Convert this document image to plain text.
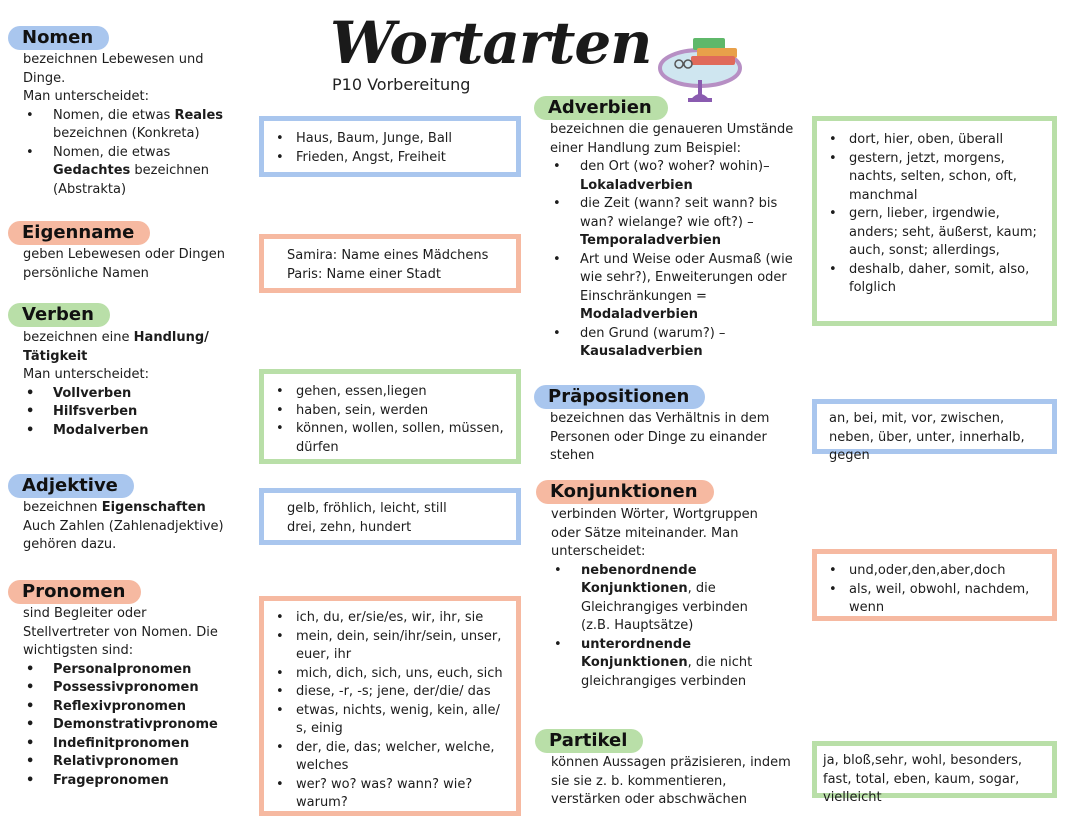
Wortarten
P10 Vorbereitung
Nomen

bezeichnen Lebewesen und Dinge.

Man unterscheidet:

• Nomen, die etwas Reales bezeichnen (Konkreta)
• Nomen, die etwas Gedachtes bezeichnen (Abstrakta)
• Haus, Baum, Junge, Ball
• Frieden, Angst, Freiheit
Eigenname
geben Lebewesen oder Dingen persönliche Namen

Samira: Name eines Mädchens

Paris: Name einer Stadt

Verben

bezeichnen eine Handlung/ Tätigkeit

Man unterscheidet:

• Vollverben
• Hilfsverben
• Modalverben
• gehen, essen,liegen
• haben, sein, werden
• können, wollen, sollen, müssen, dürfen
Adjektive

bezeichnen Eigenschaften

Auch Zahlen (Zahlenadjektive) gehören dazu.

gelb, fröhlich, leicht, still

drei, zehn, hundert

Pronomen

sind Begleiter oder Stellvertreter von Nomen. Die wichtigsten sind:

• Personalpronomen
• Possessivpronomen
• Reflexivpronomen
• Demonstrativpronome
• Indefinitpronomen
• Relativpronomen
• Fragepronomen
• ich, du, er/sie/es, wir, ihr, sie
• mein, dein, sein/ihr/sein, unser, euer, ihr
• mich, dich, sich, uns, euch, sich
• diese, -r, -s; jene, der/die/ das
• etwas, nichts, wenig, kein, alle/ s, einig
• der, die, das; welcher, welche, welches
• wer? wo? was? wann? wie? warum?
Adverbien

bezeichnen die genaueren Umstände einer Handlung zum Beispiel:

• den Ort (wo? woher? wohin)– Lokaladverbien
• die Zeit (wann? seit wann? bis wan? wielange? wie oft?) – Temporaladverbien
• Art und Weise oder Ausmaß (wie wie sehr?), Enweiterungen oder Einschränkungen = Modaladverbien
• den Grund (warum?) – Kausaladverbien
• dort, hier, oben, überall
• gestern, jetzt, morgens, nachts, selten, schon, oft, manchmal
• gern, lieber, irgendwie, anders; seht, äußerst, kaum; auch, sonst; allerdings,
• deshalb, daher, somit, also, folglich
Präpositionen
bezeichnen das Verhältnis in dem Personen oder Dinge zu einander stehen
an, bei, mit, vor, zwischen, neben, über, unter, innerhalb, gegen
Konjunktionen

verbinden Wörter, Wortgruppen oder Sätze miteinander. Man unterscheidet:

• nebenordnende Konjunktionen, die Gleichrangiges verbinden (z.B. Hauptsätze)
• unterordnende Konjunktionen, die nicht gleichrangiges verbinden
• und,oder,den,aber,doch
• als, weil, obwohl, nachdem, wenn
Partikel
können Aussagen präzisieren, indem sie sie z. b. kommentieren, verstärken oder abschwächen
ja, bloß,sehr, wohl, besonders, fast, total, eben, kaum, sogar, vielleicht
